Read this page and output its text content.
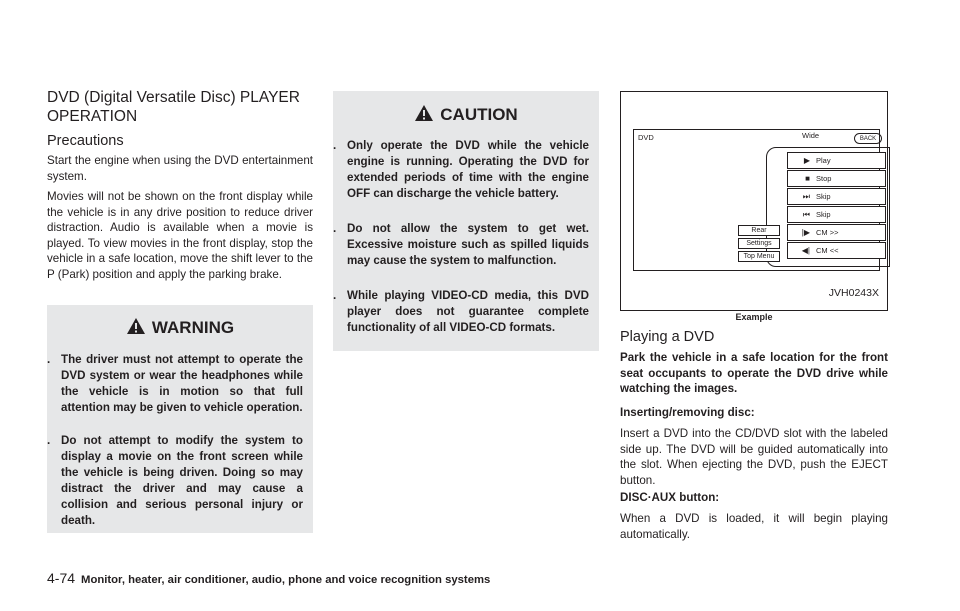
DVD (Digital Versatile Disc) PLAYER OPERATION
Precautions

Start the engine when using the DVD entertainment system.

Movies will not be shown on the front display while the vehicle is in any drive position to reduce driver distraction. Audio is available when a movie is played. To view movies in the front display, stop the vehicle in a safe location, move the shift lever to the P (Park) position and apply the parking brake.

WARNING
. The driver must not attempt to operate the DVD system or wear the headphones while the vehicle is in motion so that full attention may be given to vehicle operation.
. Do not attempt to modify the system to display a movie on the front screen while the vehicle is being driven. Doing so may distract the driver and may cause a collision and serious personal injury or death.
CAUTION
. Only operate the DVD while the vehicle engine is running. Operating the DVD for extended periods of time with the engine OFF can discharge the vehicle battery.
. Do not allow the system to get wet. Excessive moisture such as spilled liquids may cause the system to malfunction.
. While playing VIDEO-CD media, this DVD player does not guarantee complete functionality of all VIDEO-CD formats.
DVD	Wide	BACK
▶ Play
■ Stop
⏭ Skip
⏮ Skip
|▶ CM >>
◀| CM <<
Rear
Settings
Top Menu
JVH0243X
Example
Playing a DVD

Park the vehicle in a safe location for the front seat occupants to operate the DVD drive while watching the images.

Inserting/removing disc:

Insert a DVD into the CD/DVD slot with the labeled side up. The DVD will be guided automatically into the slot. When ejecting the DVD, push the EJECT button.

DISC·AUX button:

When a DVD is loaded, it will begin playing automatically.

4-74 Monitor, heater, air conditioner, audio, phone and voice recognition systems
